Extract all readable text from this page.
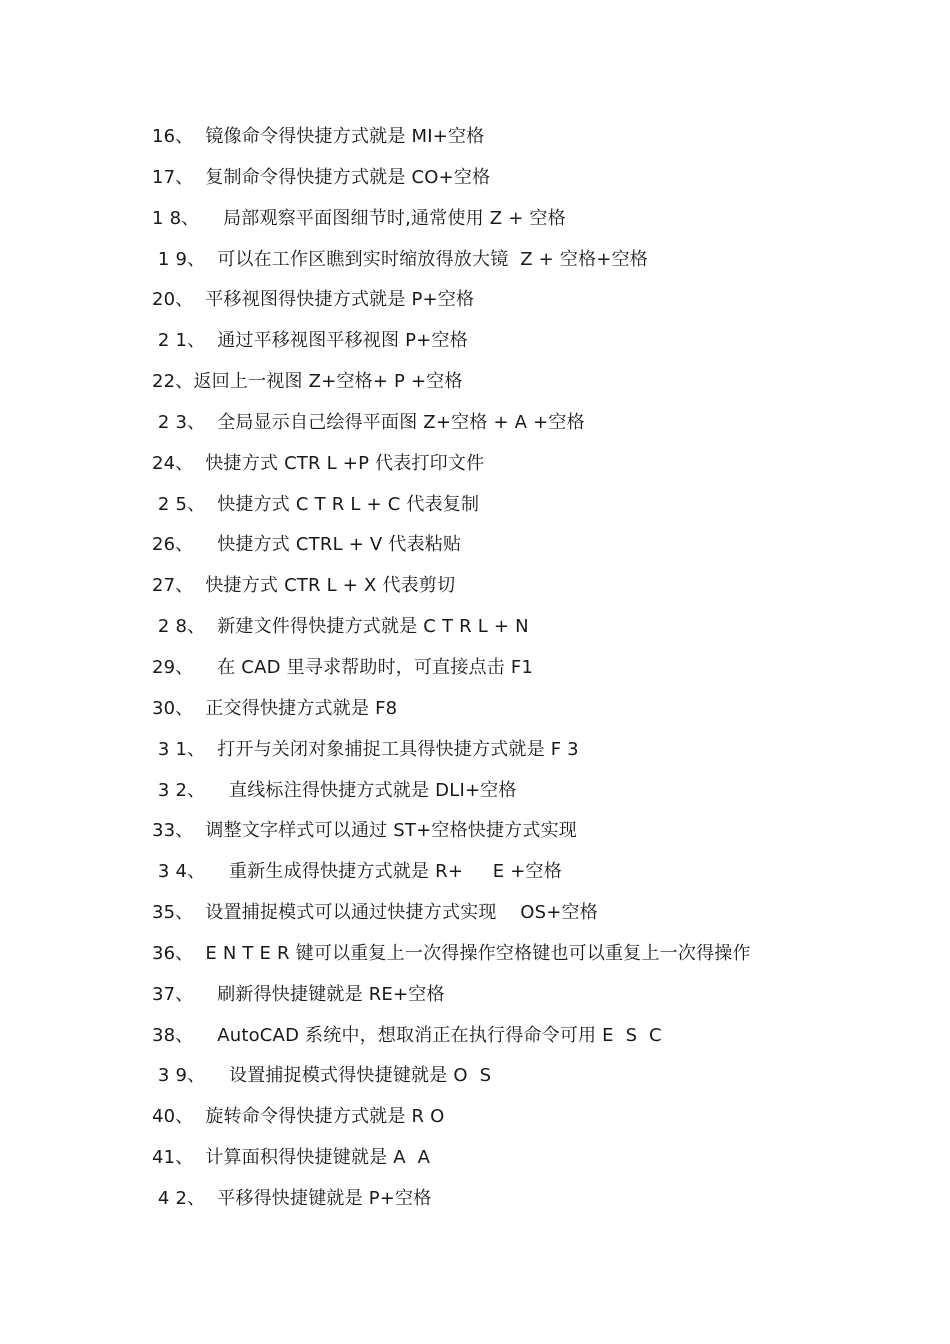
16、  镜像命令得快捷方式就是 MI+空格
17、  复制命令得快捷方式就是 CO+空格
1 8、    局部观察平面图细节时,通常使用 Z + 空格
1 9、  可以在工作区瞧到实时缩放得放大镜  Z + 空格+空格
20、  平移视图得快捷方式就是 P+空格
2 1、  通过平移视图平移视图 P+空格
22、返回上一视图 Z+空格+ P +空格
2 3、  全局显示自己绘得平面图 Z+空格 + A +空格
24、  快捷方式 CTR L +P 代表打印文件
2 5、  快捷方式 C T R L + C 代表复制
26、    快捷方式 CTRL + V 代表粘贴
27、  快捷方式 CTR L + X 代表剪切
2 8、  新建文件得快捷方式就是 C T R L + N
29、    在 CAD 里寻求帮助时，可直接点击 F1
30、  正交得快捷方式就是 F8
3 1、  打开与关闭对象捕捉工具得快捷方式就是 F 3
3 2、    直线标注得快捷方式就是 DLI+空格
33、  调整文字样式可以通过 ST+空格快捷方式实现
3 4、    重新生成得快捷方式就是 R+     E +空格
35、  设置捕捉模式可以通过快捷方式实现    OS+空格
36、  E N T E R 键可以重复上一次得操作空格键也可以重复上一次得操作
37、    刷新得快捷键就是 RE+空格
38、    AutoCAD 系统中，想取消正在执行得命令可用 E  S  C
3 9、    设置捕捉模式得快捷键就是 O  S
40、  旋转命令得快捷方式就是 R O
41、  计算面积得快捷键就是 A  A
4 2、  平移得快捷键就是 P+空格
